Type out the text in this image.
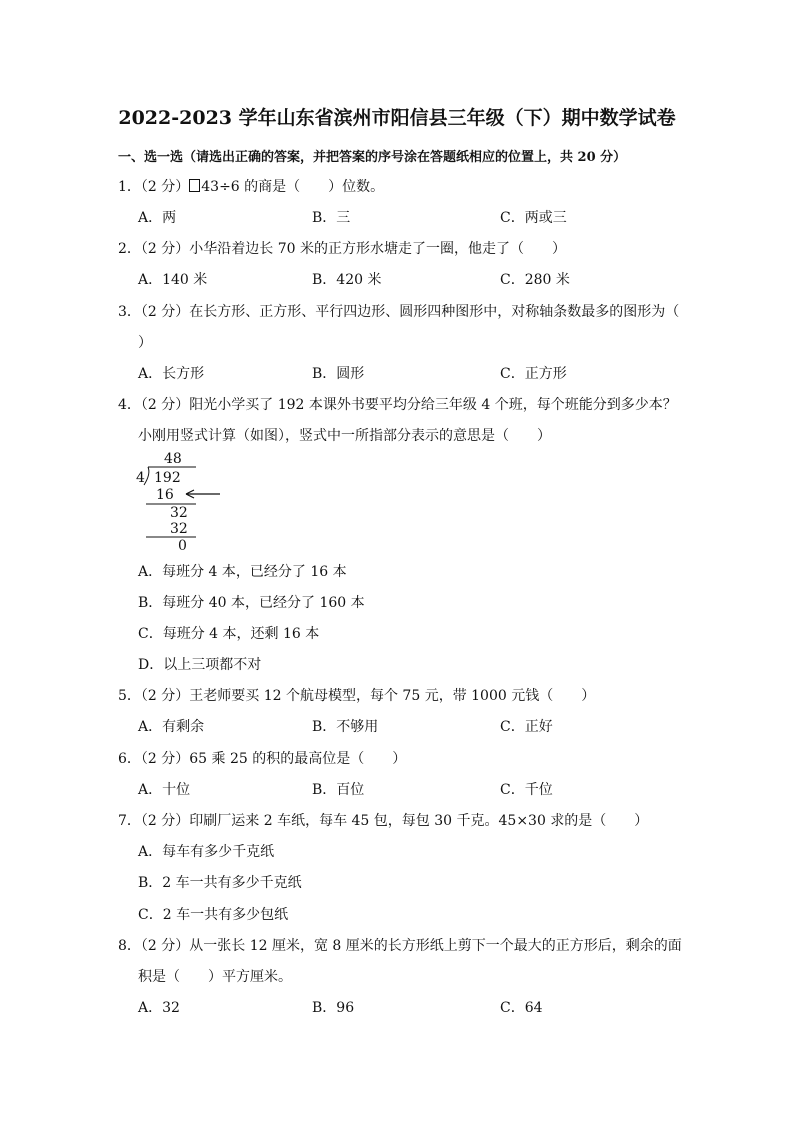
2022-2023 学年山东省滨州市阳信县三年级（下）期中数学试卷
一、选一选（请选出正确的答案，并把答案的序号涂在答题纸相应的位置上，共 20 分）
1．（2 分） 43÷6 的商是（　　）位数。
A．两	B．三	C．两或三
2．（2 分）小华沿着边长 70 米的正方形水塘走了一圈，他走了（　　）
A．140 米	B．420 米	C．280 米
3．（2 分）在长方形、正方形、平行四边形、圆形四种图形中，对称轴条数最多的图形为（
）
A．长方形	B．圆形	C．正方形
4．（2 分）阳光小学买了 192 本课外书要平均分给三年级 4 个班，每个班能分到多少本？
小刚用竖式计算（如图），竖式中一所指部分表示的意思是（　　）
48
4 192
16
32
32
0
A．每班分 4 本，已经分了 16 本
B．每班分 40 本，已经分了 160 本
C．每班分 4 本，还剩 16 本
D．以上三项都不对
5．（2 分）王老师要买 12 个航母模型，每个 75 元，带 1000 元钱（　　）
A．有剩余	B．不够用	C．正好
6．（2 分）65 乘 25 的积的最高位是（　　）
A．十位	B．百位	C．千位
7．（2 分）印刷厂运来 2 车纸，每车 45 包，每包 30 千克。45×30 求的是（　　）
A．每车有多少千克纸
B．2 车一共有多少千克纸
C．2 车一共有多少包纸
8．（2 分）从一张长 12 厘米，宽 8 厘米的长方形纸上剪下一个最大的正方形后，剩余的面
积是（　　）平方厘米。
A．32	B．96	C．64
